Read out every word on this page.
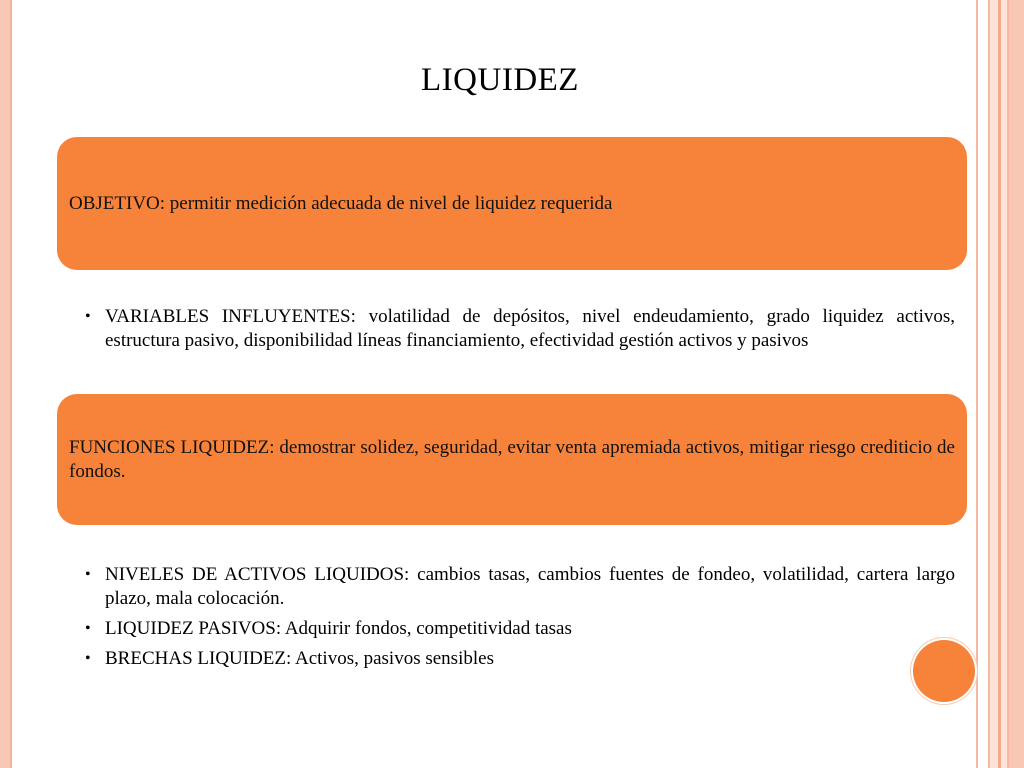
LIQUIDEZ
OBJETIVO: permitir medición adecuada de nivel de liquidez requerida
• VARIABLES INFLUYENTES: volatilidad de depósitos, nivel endeudamiento, grado liquidez activos, estructura pasivo, disponibilidad líneas financiamiento, efectividad gestión activos y pasivos
FUNCIONES LIQUIDEZ: demostrar solidez, seguridad, evitar venta apremiada activos, mitigar riesgo crediticio de fondos.
• NIVELES DE ACTIVOS LIQUIDOS: cambios tasas, cambios fuentes de fondeo, volatilidad, cartera largo plazo, mala colocación.
• LIQUIDEZ PASIVOS: Adquirir fondos, competitividad tasas
• BRECHAS LIQUIDEZ: Activos, pasivos sensibles
